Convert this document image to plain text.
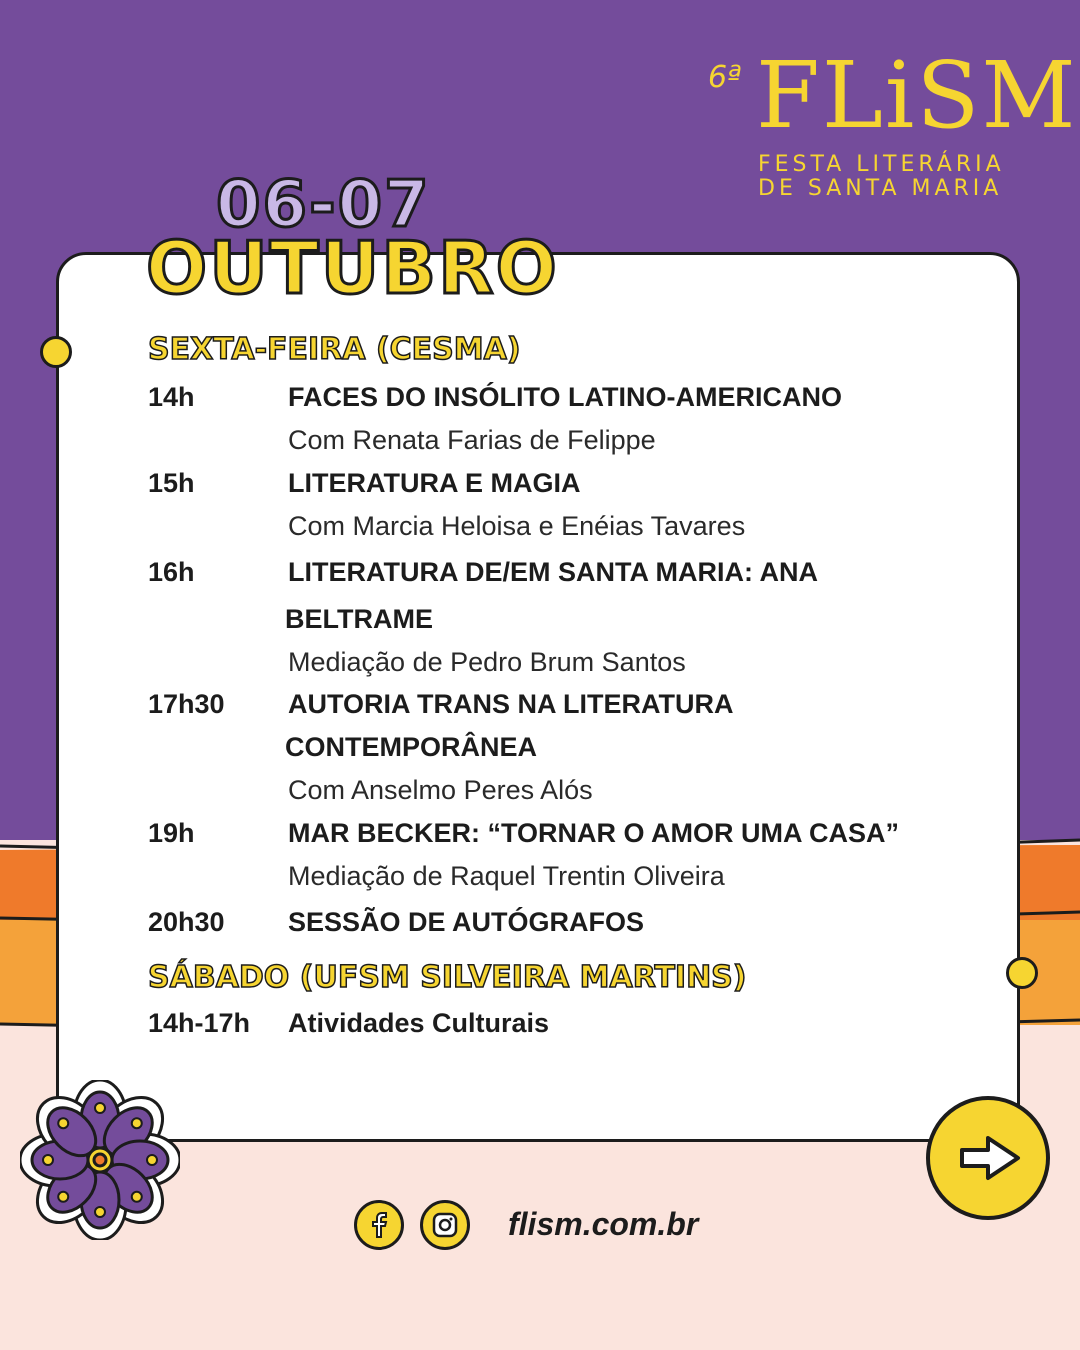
6ª FLiSM
FESTA LITERÁRIA
DE SANTA MARIA
06-07
OUTUBRO
SEXTA-FEIRA (CESMA)
14h	FACES DO INSÓLITO LATINO-AMERICANO
Com Renata Farias de Felippe
15h	LITERATURA E MAGIA
Com Marcia Heloisa e Enéias Tavares
16h	LITERATURA DE/EM SANTA MARIA: ANA
BELTRAME
Mediação de Pedro Brum Santos
17h30 AUTORIA TRANS NA LITERATURA
CONTEMPORÂNEA
Com Anselmo Peres Alós
19h	MAR BECKER: “TORNAR O AMOR UMA CASA”
Mediação de Raquel Trentin Oliveira
20h30 SESSÃO DE AUTÓGRAFOS
SÁBADO (UFSM SILVEIRA MARTINS)
14h-17h Atividades Culturais
flism.com.br
